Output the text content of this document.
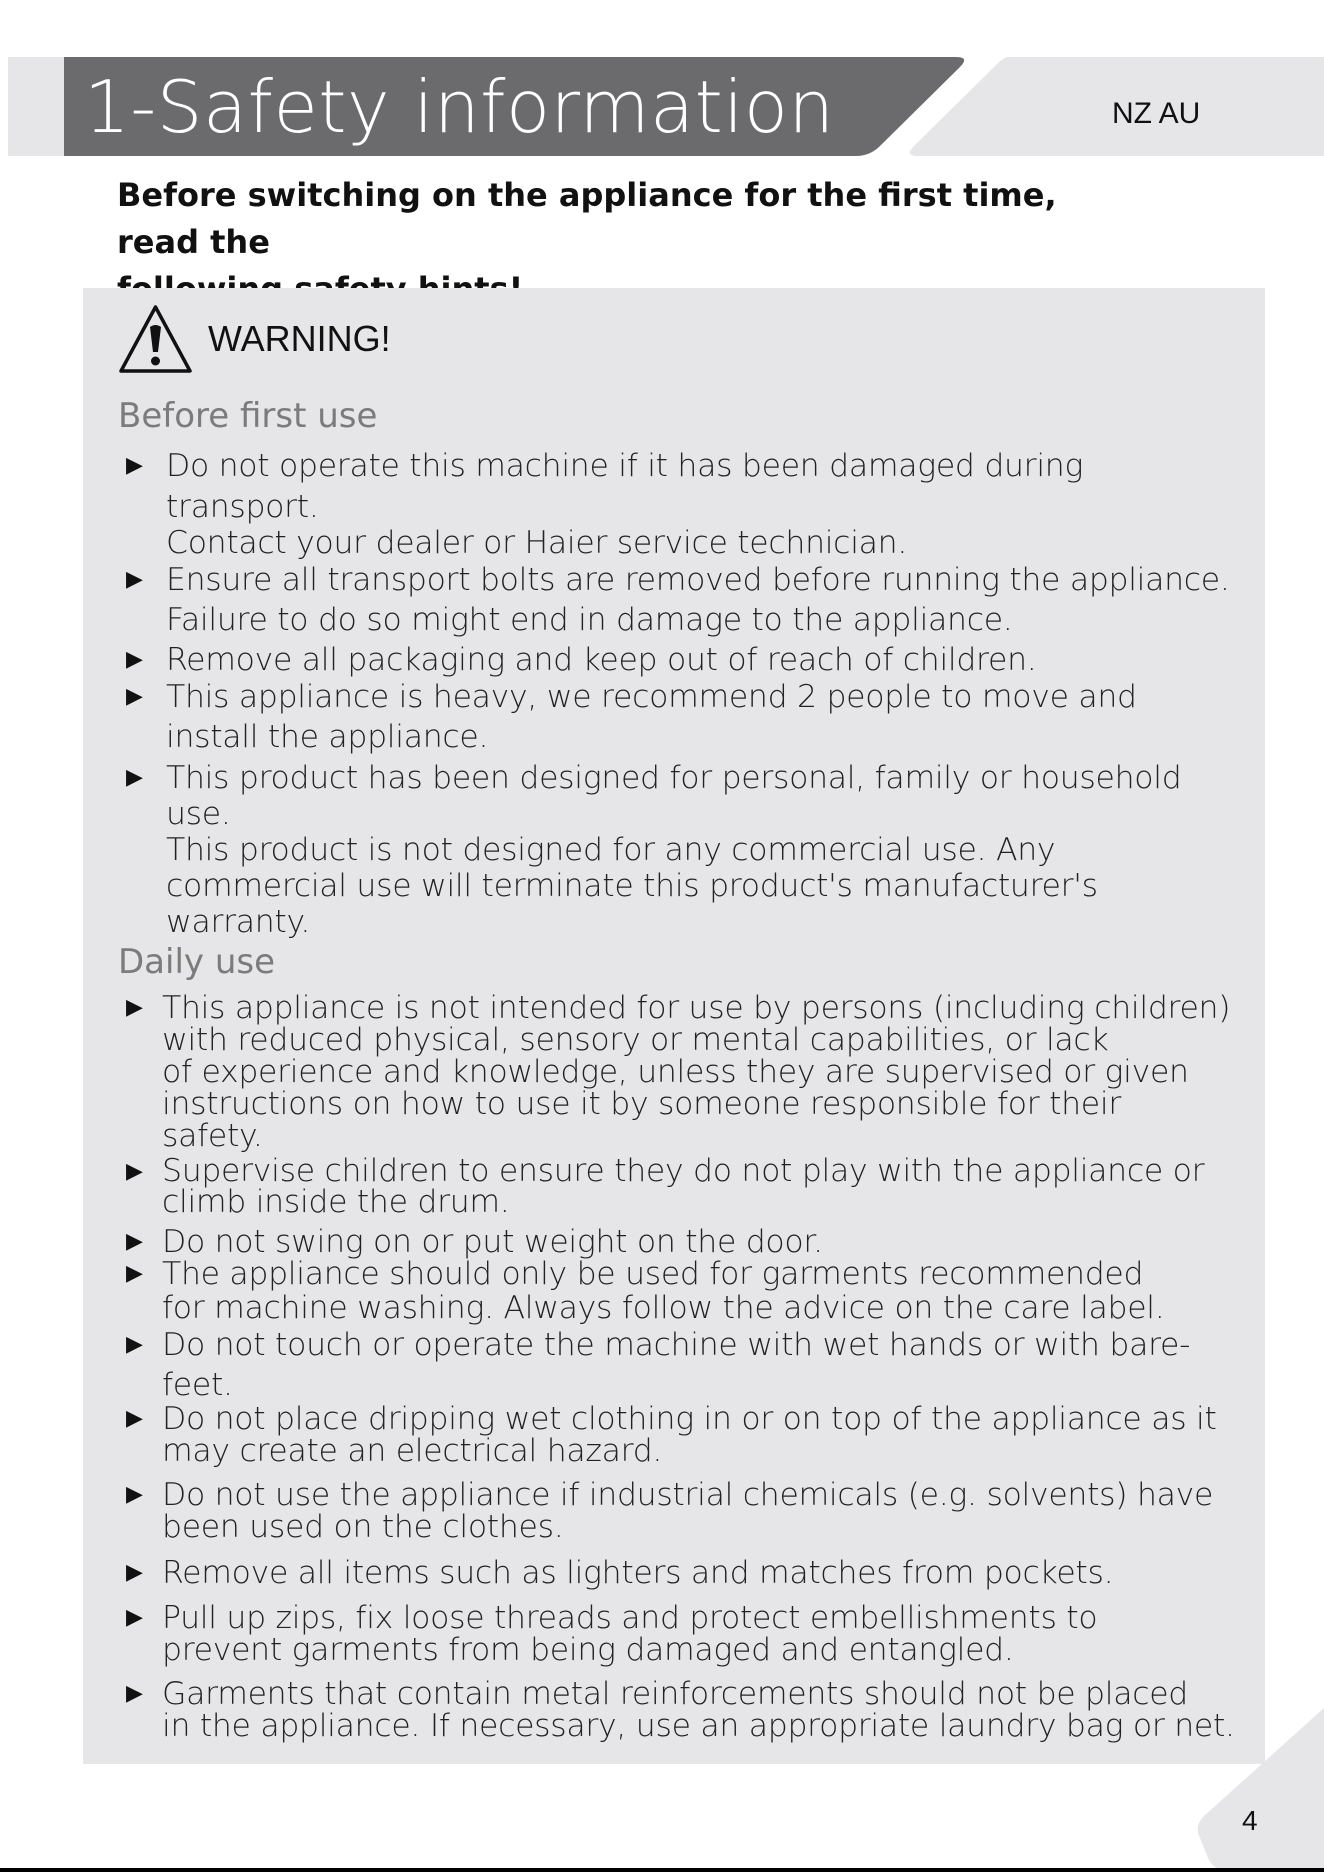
1-Safety information	NZ AU
Before switching on the appliance for the first time, read the
WARNING!
Before first use
▶ Do not operate this machine if it has been damaged during
transport.
Contact your dealer or Haier service technician.
▶ Ensure all transport bolts are removed before running the appliance.
Failure to do so might end in damage to the appliance.
▶ Remove all packaging and keep out of reach of children.
▶ This appliance is heavy, we recommend 2 people to move and
install the appliance.
▶ This product has been designed for personal, family or household
use.
This product is not designed for any commercial use. Any
commercial use will terminate this product's manufacturer's
warranty.
Daily use
▶ This appliance is not intended for use by persons (including children)
with reduced physical, sensory or mental capabilities, or lack
of experience and knowledge, unless they are supervised or given
instructions on how to use it by someone responsible for their
safety.
▶ Supervise children to ensure they do not play with the appliance or
climb inside the drum.
▶ Do not swing on or put weight on the door.
▶ The appliance should only be used for garments recommended
for machine washing. Always follow the advice on the care label.
▶ Do not touch or operate the machine with wet hands or with bare-
feet.
▶ Do not place dripping wet clothing in or on top of the appliance as it
may create an electrical hazard.
▶ Do not use the appliance if industrial chemicals (e.g. solvents) have
been used on the clothes.
▶ Remove all items such as lighters and matches from pockets.
▶ Pull up zips, fix loose threads and protect embellishments to
prevent garments from being damaged and entangled.
▶ Garments that contain metal reinforcements should not be placed
in the appliance. If necessary, use an appropriate laundry bag or net.
4
